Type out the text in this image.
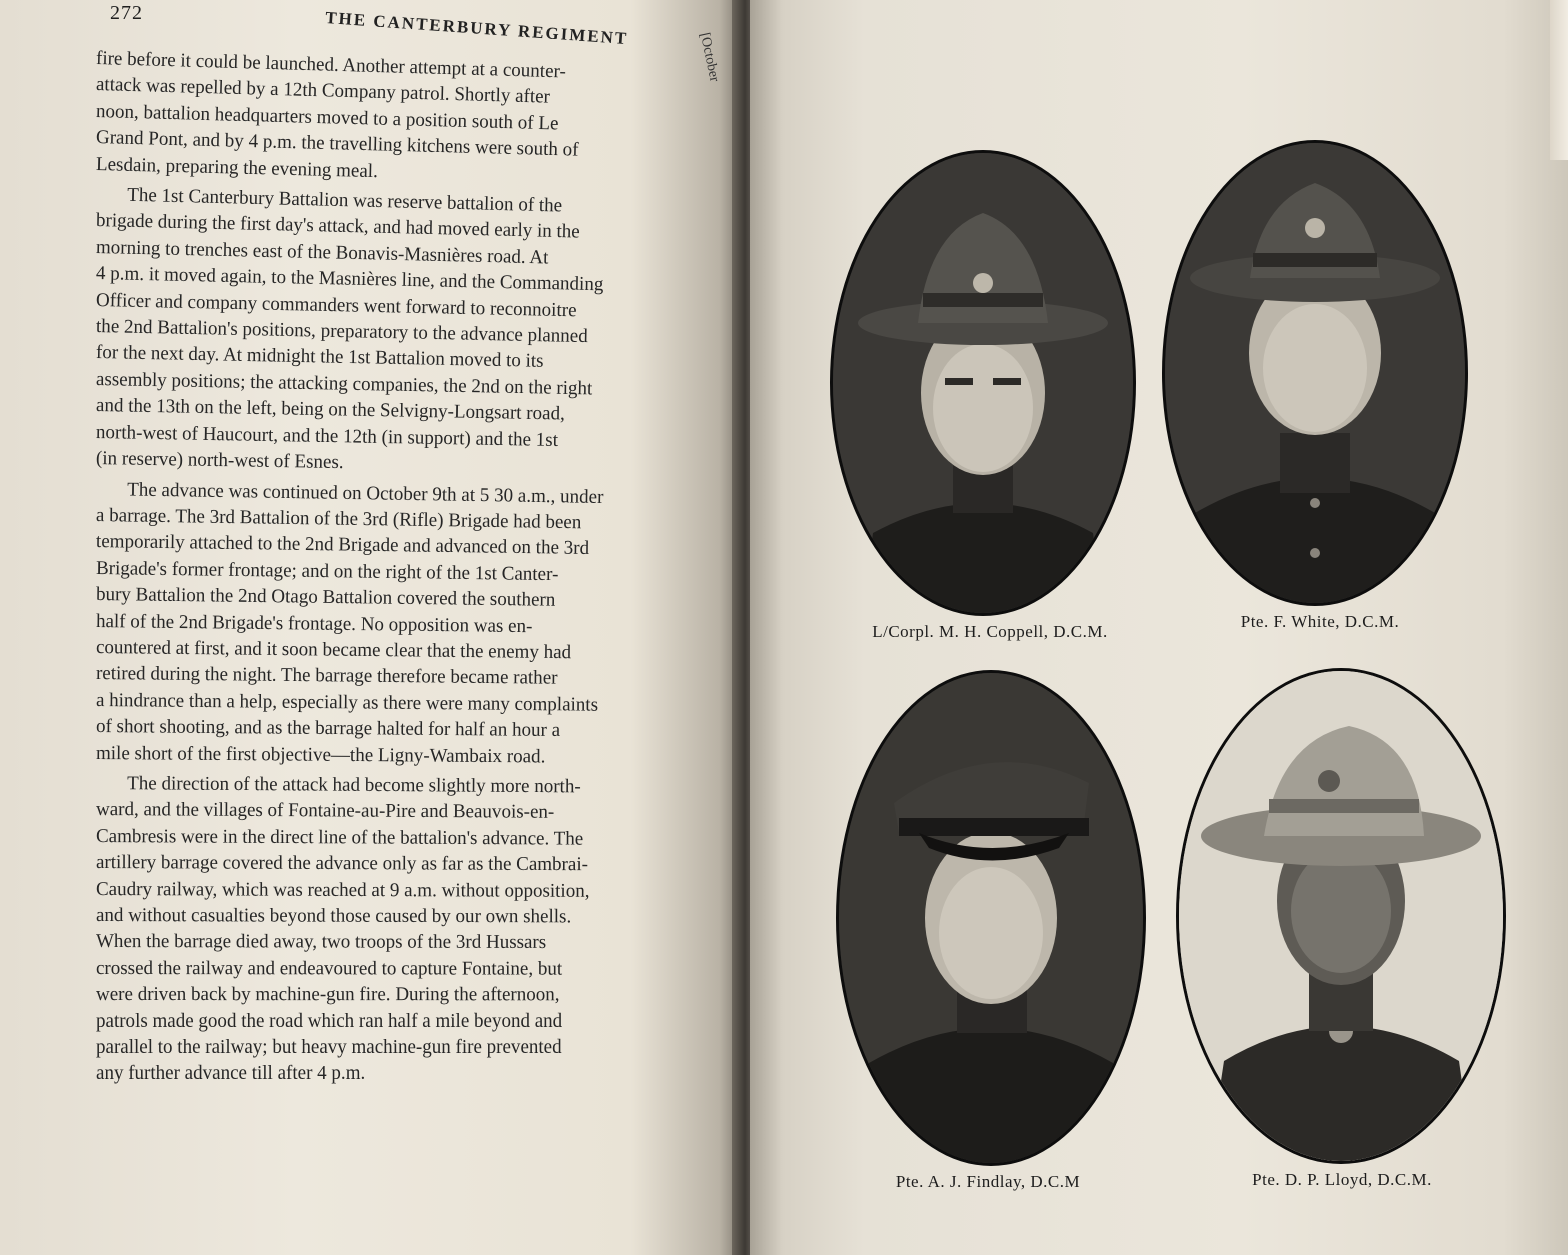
272	THE CANTERBURY REGIMENT
[October
fire before it could be launched. Another attempt at a counter-
attack was repelled by a 12th Company patrol. Shortly after
noon, battalion headquarters moved to a position south of Le
Grand Pont, and by 4 p.m. the travelling kitchens were south of
Lesdain, preparing the evening meal.
The 1st Canterbury Battalion was reserve battalion of the
brigade during the first day's attack, and had moved early in the
morning to trenches east of the Bonavis-Masnières road. At
4 p.m. it moved again, to the Masnières line, and the Commanding
Officer and company commanders went forward to reconnoitre
the 2nd Battalion's positions, preparatory to the advance planned
for the next day. At midnight the 1st Battalion moved to its
assembly positions; the attacking companies, the 2nd on the right
and the 13th on the left, being on the Selvigny-Longsart road,
north-west of Haucourt, and the 12th (in support) and the 1st
(in reserve) north-west of Esnes.
The advance was continued on October 9th at 5 30 a.m., under
a barrage. The 3rd Battalion of the 3rd (Rifle) Brigade had been
temporarily attached to the 2nd Brigade and advanced on the 3rd
Brigade's former frontage; and on the right of the 1st Canter-
bury Battalion the 2nd Otago Battalion covered the southern
half of the 2nd Brigade's frontage. No opposition was en-
countered at first, and it soon became clear that the enemy had
retired during the night. The barrage therefore became rather
a hindrance than a help, especially as there were many complaints
of short shooting, and as the barrage halted for half an hour a
mile short of the first objective—the Ligny-Wambaix road.
The direction of the attack had become slightly more north-
ward, and the villages of Fontaine-au-Pire and Beauvois-en-
Cambresis were in the direct line of the battalion's advance. The
artillery barrage covered the advance only as far as the Cambrai-
Caudry railway, which was reached at 9 a.m. without opposition,
and without casualties beyond those caused by our own shells.
When the barrage died away, two troops of the 3rd Hussars
crossed the railway and endeavoured to capture Fontaine, but
were driven back by machine-gun fire. During the afternoon,
patrols made good the road which ran half a mile beyond and
parallel to the railway; but heavy machine-gun fire prevented
any further advance till after 4 p.m.
L/Corpl. M. H. Coppell, D.C.M.
Pte. F. White, D.C.M.
Pte. A. J. Findlay, D.C.M	Pte. D. P. Lloyd, D.C.M.
